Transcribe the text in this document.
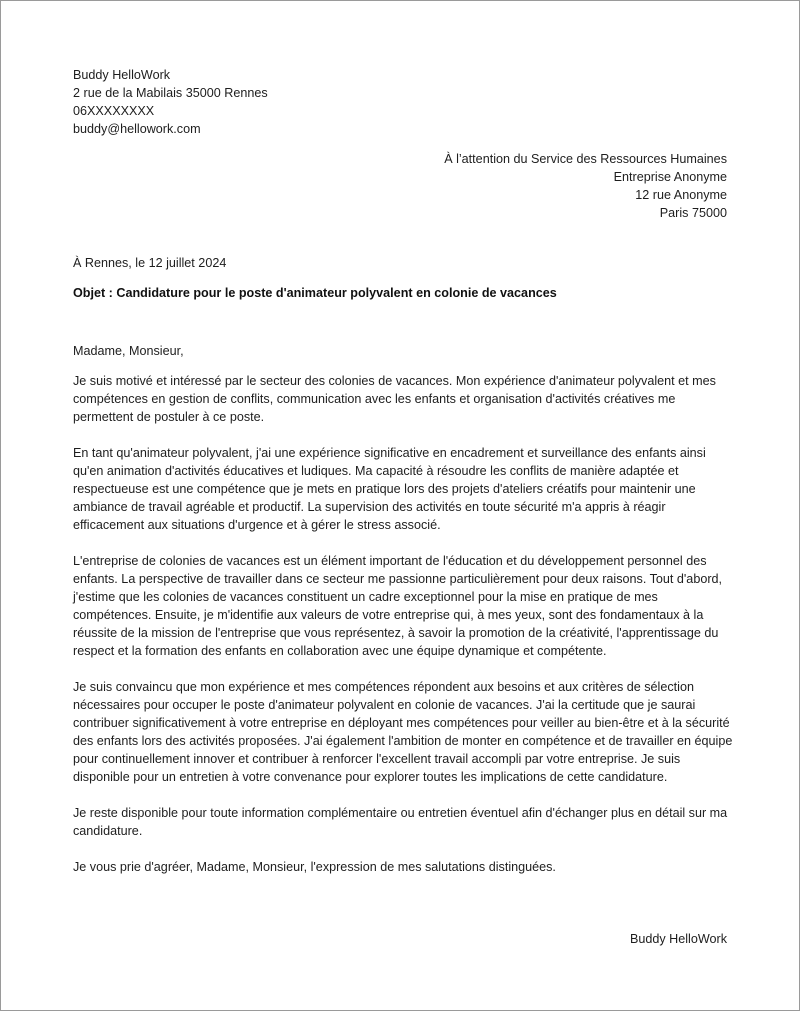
Buddy HelloWork
2 rue de la Mabilais 35000 Rennes
06XXXXXXXX
buddy@hellowork.com
À l’attention du Service des Ressources Humaines
Entreprise Anonyme
12 rue Anonyme
Paris 75000
À Rennes, le 12 juillet 2024
Objet : Candidature pour le poste d'animateur polyvalent en colonie de vacances

Madame, Monsieur,

Je suis motivé et intéressé par le secteur des colonies de vacances. Mon expérience d'animateur polyvalent et mes compétences en gestion de conflits, communication avec les enfants et organisation d'activités créatives me permettent de postuler à ce poste.

En tant qu'animateur polyvalent, j'ai une expérience significative en encadrement et surveillance des enfants ainsi qu'en animation d'activités éducatives et ludiques. Ma capacité à résoudre les conflits de manière adaptée et respectueuse est une compétence que je mets en pratique lors des projets d'ateliers créatifs pour maintenir une ambiance de travail agréable et productif. La supervision des activités en toute sécurité m'a appris à réagir efficacement aux situations d'urgence et à gérer le stress associé.

L'entreprise de colonies de vacances est un élément important de l'éducation et du développement personnel des enfants. La perspective de travailler dans ce secteur me passionne particulièrement pour deux raisons. Tout d'abord, j'estime que les colonies de vacances constituent un cadre exceptionnel pour la mise en pratique de mes compétences. Ensuite, je m'identifie aux valeurs de votre entreprise qui, à mes yeux, sont des fondamentaux à la réussite de la mission de l'entreprise que vous représentez, à savoir la promotion de la créativité, l'apprentissage du respect et la formation des enfants en collaboration avec une équipe dynamique et compétente.

Je suis convaincu que mon expérience et mes compétences répondent aux besoins et aux critères de sélection nécessaires pour occuper le poste d'animateur polyvalent en colonie de vacances. J'ai la certitude que je saurai contribuer significativement à votre entreprise en déployant mes compétences pour veiller au bien-être et à la sécurité des enfants lors des activités proposées. J'ai également l'ambition de monter en compétence et de travailler en équipe pour continuellement innover et contribuer à renforcer l'excellent travail accompli par votre entreprise. Je suis disponible pour un entretien à votre convenance pour explorer toutes les implications de cette candidature.

Je reste disponible pour toute information complémentaire ou entretien éventuel afin d'échanger plus en détail sur ma candidature.

Je vous prie d'agréer, Madame, Monsieur, l'expression de mes salutations distinguées.

Buddy HelloWork
